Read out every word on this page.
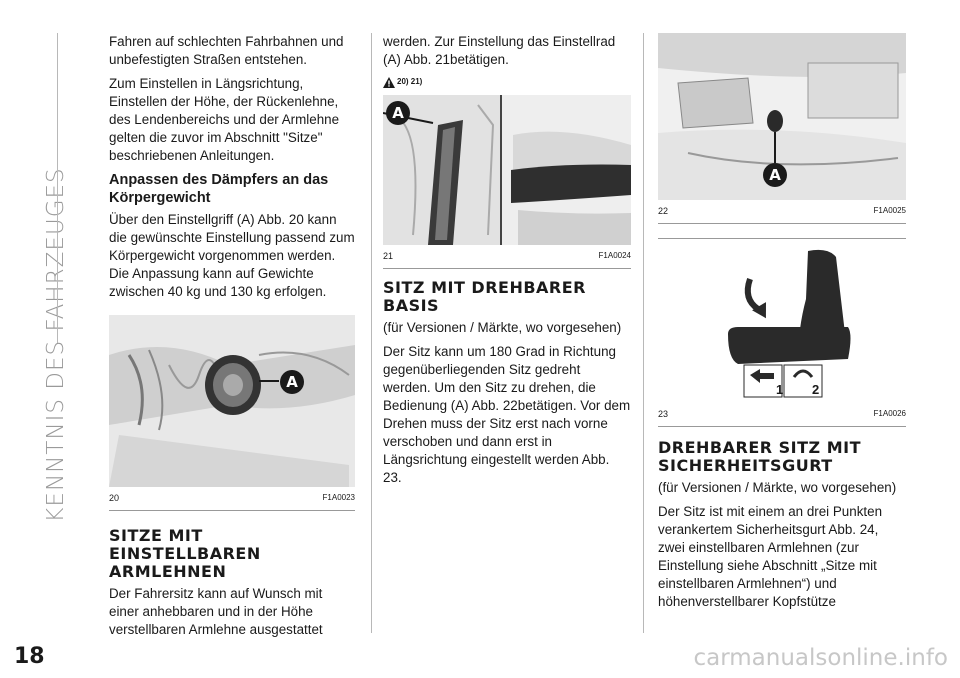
KENNTNIS DES FAHRZEUGES

Fahren auf schlechten Fahrbahnen und unbefestigten Straßen entstehen.

Zum Einstellen in Längsrichtung, Einstellen der Höhe, der Rückenlehne, des Lendenbereichs und der Armlehne gelten die zuvor im Abschnitt "Sitze" beschriebenen Anleitungen.

Anpassen des Dämpfers an das Körpergewicht

Über den Einstellgriff (A) Abb. 20 kann die gewünschte Einstellung passend zum Körpergewicht vorgenommen werden. Die Anpassung kann auf Gewichte zwischen 40 kg und 130 kg erfolgen.

A
20	F1A0023
SITZE MIT EINSTELLBAREN ARMLEHNEN

Der Fahrersitz kann auf Wunsch mit einer anhebbaren und in der Höhe verstellbaren Armlehne ausgestattet

werden. Zur Einstellung das Einstellrad (A) Abb. 21betätigen.

20) 21)
A
21	F1A0024
SITZ MIT DREHBARER BASIS

(für Versionen / Märkte, wo vorgesehen)

Der Sitz kann um 180 Grad in Richtung gegenüberliegenden Sitz gedreht werden. Um den Sitz zu drehen, die Bedienung (A) Abb. 22betätigen. Vor dem Drehen muss der Sitz erst nach vorne verschoben und dann erst in Längsrichtung eingestellt werden Abb. 23.

A
22	F1A0025
1 2
23	F1A0026
DREHBARER SITZ MIT SICHERHEITSGURT

(für Versionen / Märkte, wo vorgesehen)

Der Sitz ist mit einem an drei Punkten verankertem Sicherheitsgurt Abb. 24, zwei einstellbaren Armlehnen (zur Einstellung siehe Abschnitt „Sitze mit einstellbaren Armlehnen“) und höhenverstellbarer Kopfstütze

18	carmanualsonline.info
